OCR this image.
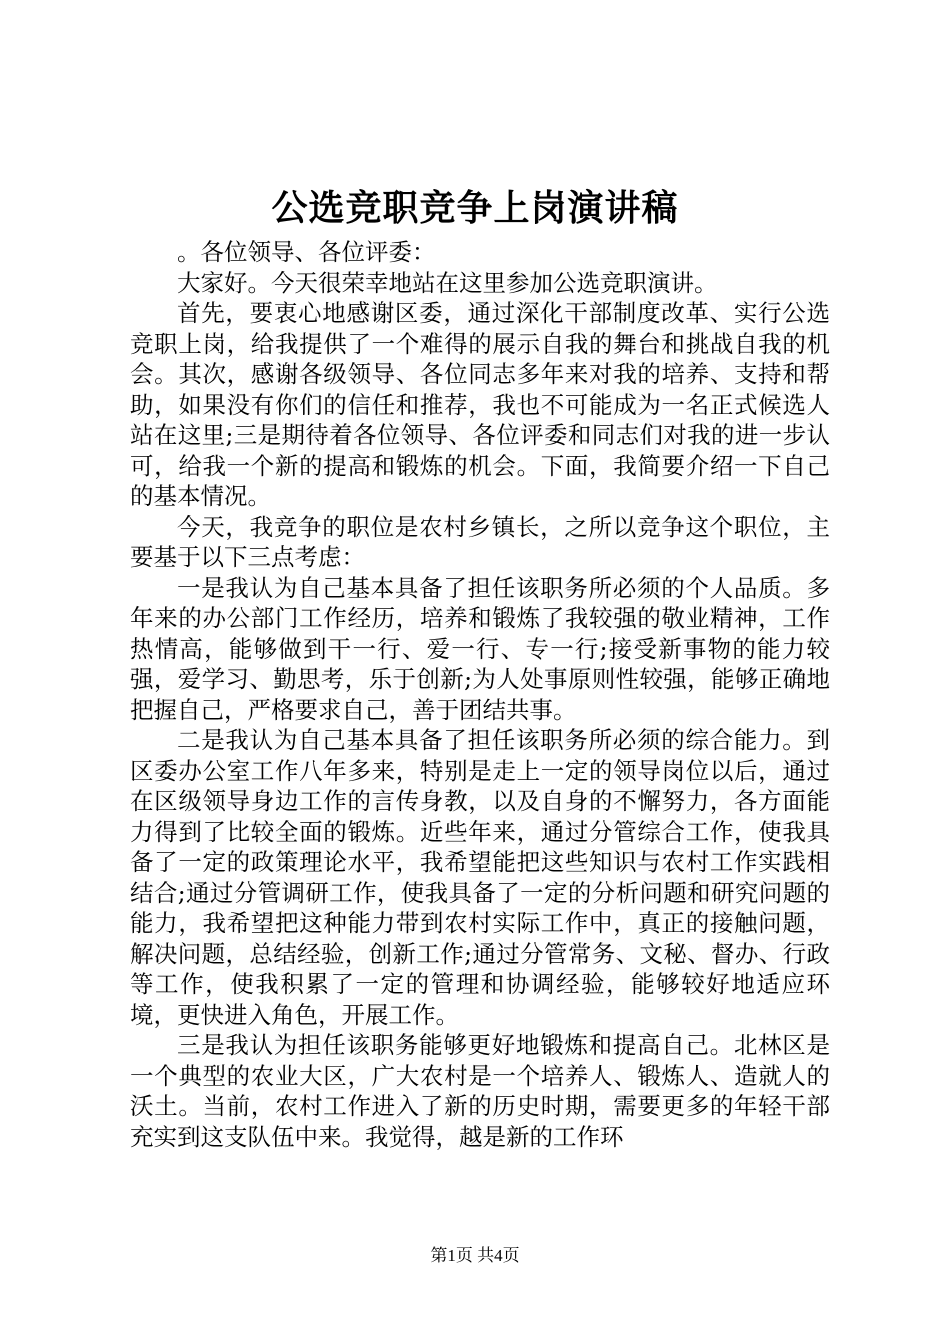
公选竞职竞争上岗演讲稿

。各位领导、各位评委：

大家好。今天很荣幸地站在这里参加公选竞职演讲。

首先，要衷心地感谢区委，通过深化干部制度改革、实行公选竞职上岗，给我提供了一个难得的展示自我的舞台和挑战自我的机会。其次，感谢各级领导、各位同志多年来对我的培养、支持和帮助，如果没有你们的信任和推荐，我也不可能成为一名正式候选人站在这里;三是期待着各位领导、各位评委和同志们对我的进一步认可，给我一个新的提高和锻炼的机会。下面，我简要介绍一下自己的基本情况。

今天，我竞争的职位是农村乡镇长，之所以竞争这个职位，主要基于以下三点考虑：

一是我认为自己基本具备了担任该职务所必须的个人品质。多年来的办公部门工作经历，培养和锻炼了我较强的敬业精神，工作热情高，能够做到干一行、爱一行、专一行;接受新事物的能力较强，爱学习、勤思考，乐于创新;为人处事原则性较强，能够正确地把握自己，严格要求自己，善于团结共事。

二是我认为自己基本具备了担任该职务所必须的综合能力。到区委办公室工作八年多来，特别是走上一定的领导岗位以后，通过在区级领导身边工作的言传身教，以及自身的不懈努力，各方面能力得到了比较全面的锻炼。近些年来，通过分管综合工作，使我具备了一定的政策理论水平，我希望能把这些知识与农村工作实践相结合;通过分管调研工作，使我具备了一定的分析问题和研究问题的能力，我希望把这种能力带到农村实际工作中，真正的接触问题，解决问题，总结经验，创新工作;通过分管常务、文秘、督办、行政等工作，使我积累了一定的管理和协调经验，能够较好地适应环境，更快进入角色，开展工作。

三是我认为担任该职务能够更好地锻炼和提高自己。北林区是一个典型的农业大区，广大农村是一个培养人、锻炼人、造就人的沃土。当前，农村工作进入了新的历史时期，需要更多的年轻干部充实到这支队伍中来。我觉得，越是新的工作环

第1页 共4页
